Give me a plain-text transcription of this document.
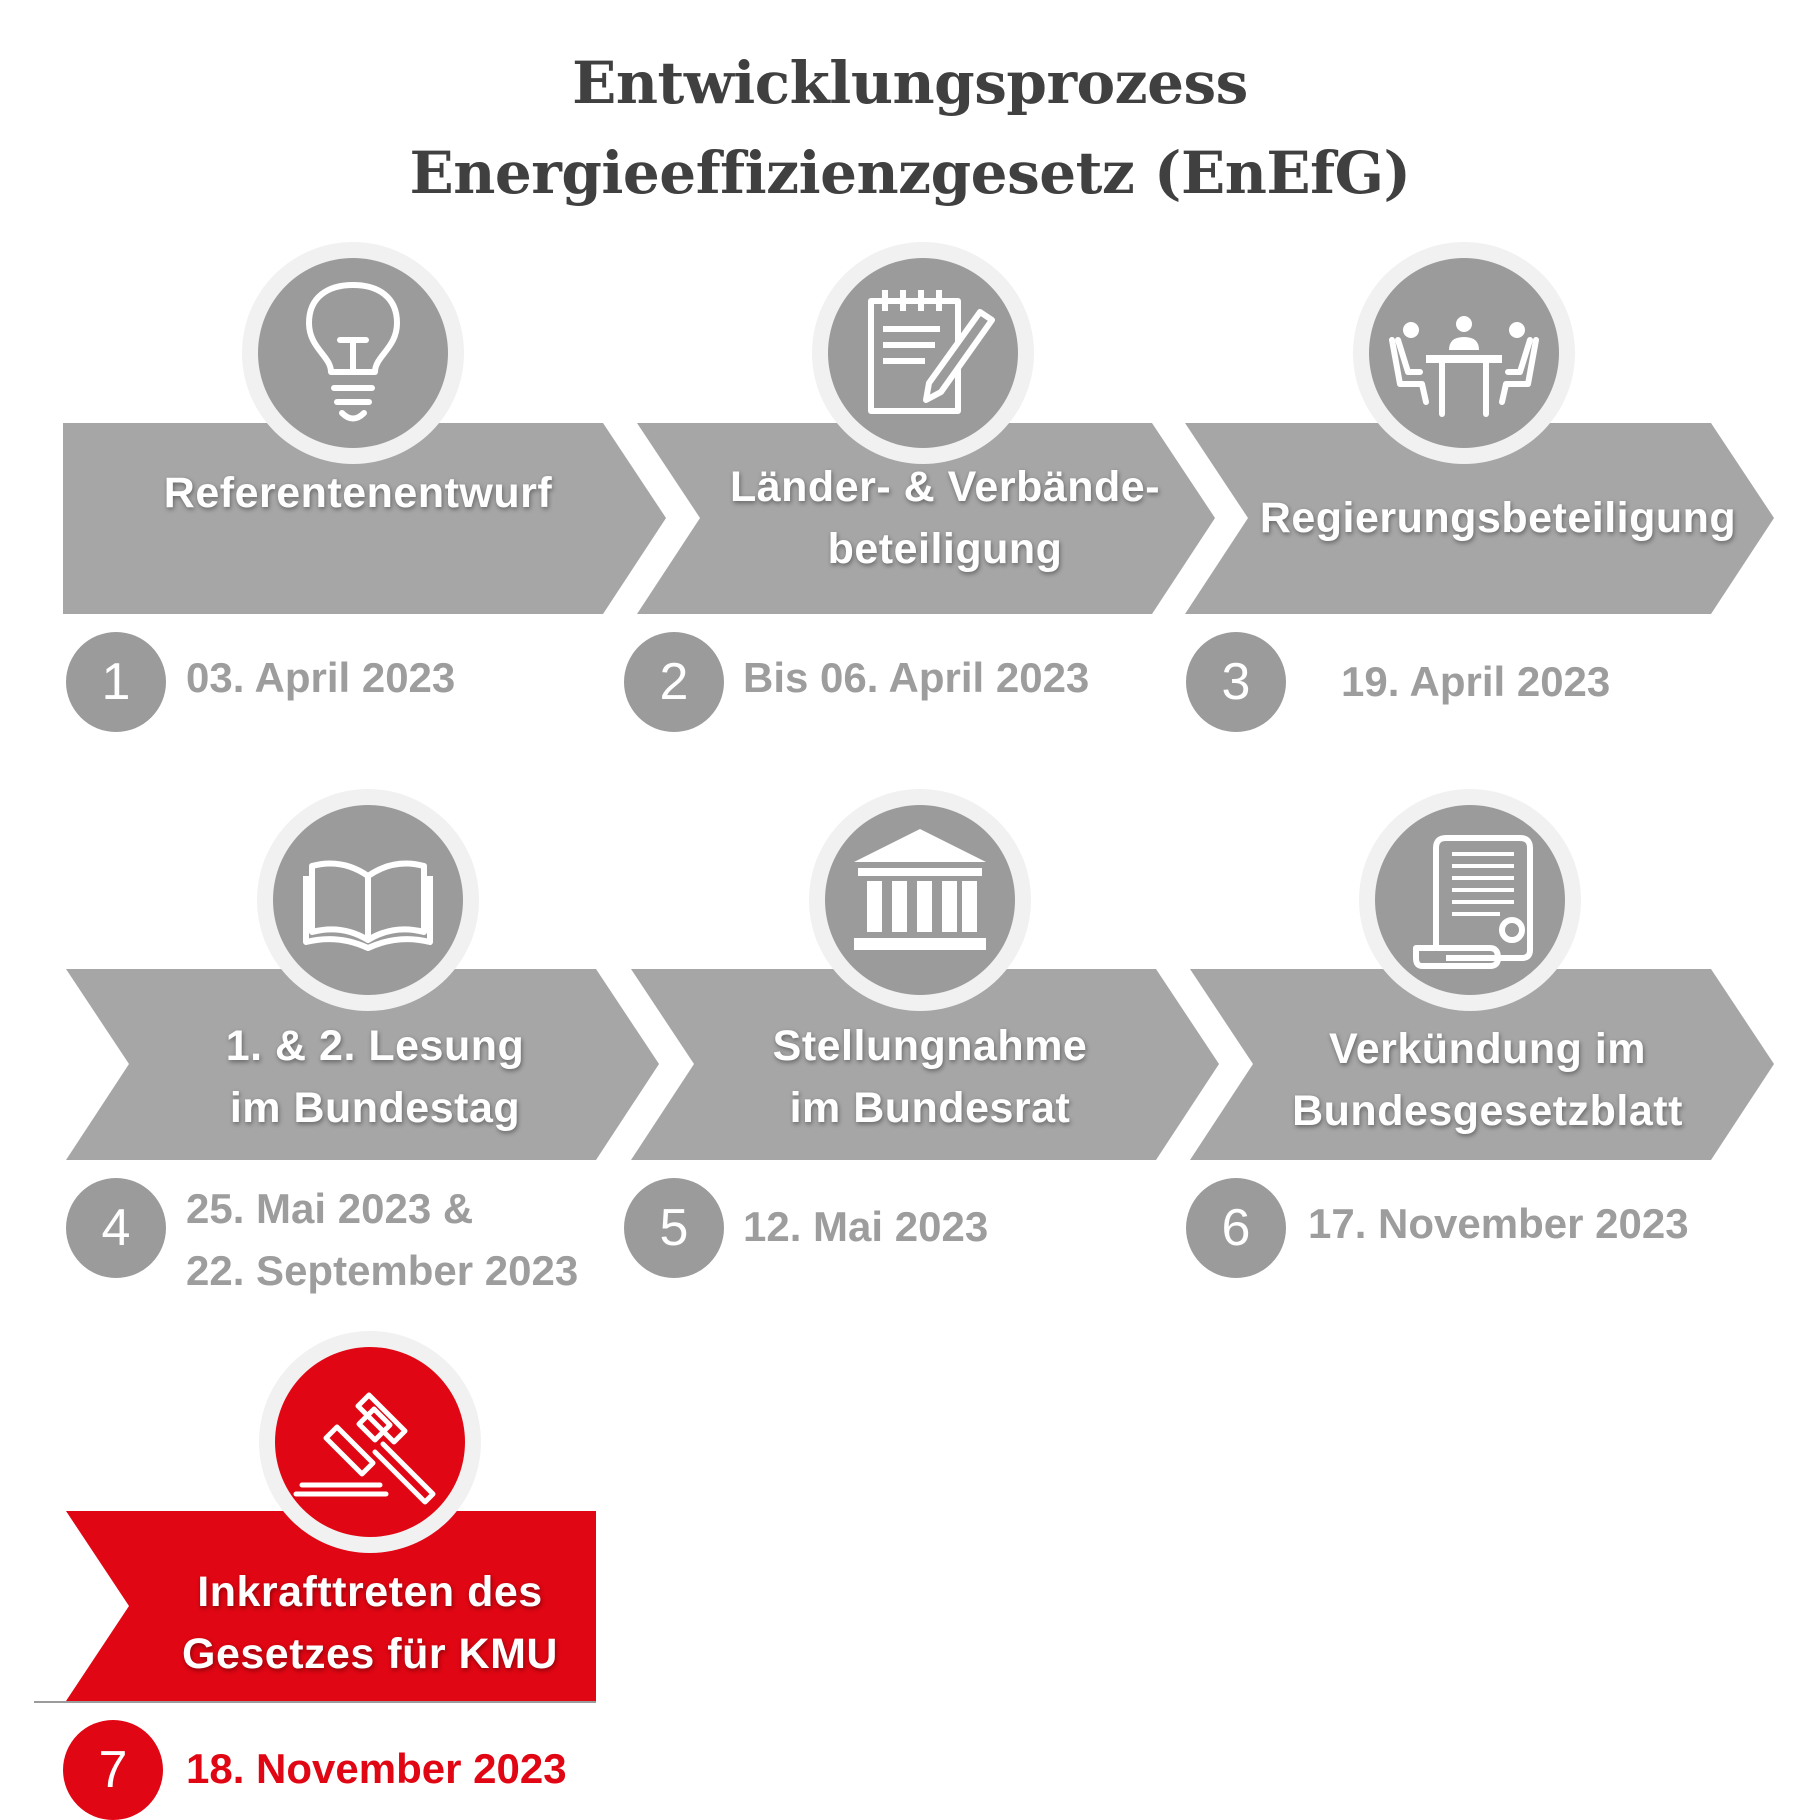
Entwicklungsprozess
Energieeffizienzgesetz (EnEfG)
Referentenentwurf	Länder- & Verbände-
beteiligung
Regierungsbeteiligung
1. & 2. Lesung
im Bundestag
Stellungnahme
im Bundesrat
Verkündung im
Bundesgesetzblatt
Inkrafttreten des
Gesetzes für KMU
1	2	3
4	5	6
7
03. April 2023	Bis 06. April 2023	19. April 2023
25. Mai 2023 &
22. September 2023
12. Mai 2023	17. November 2023
18. November 2023
